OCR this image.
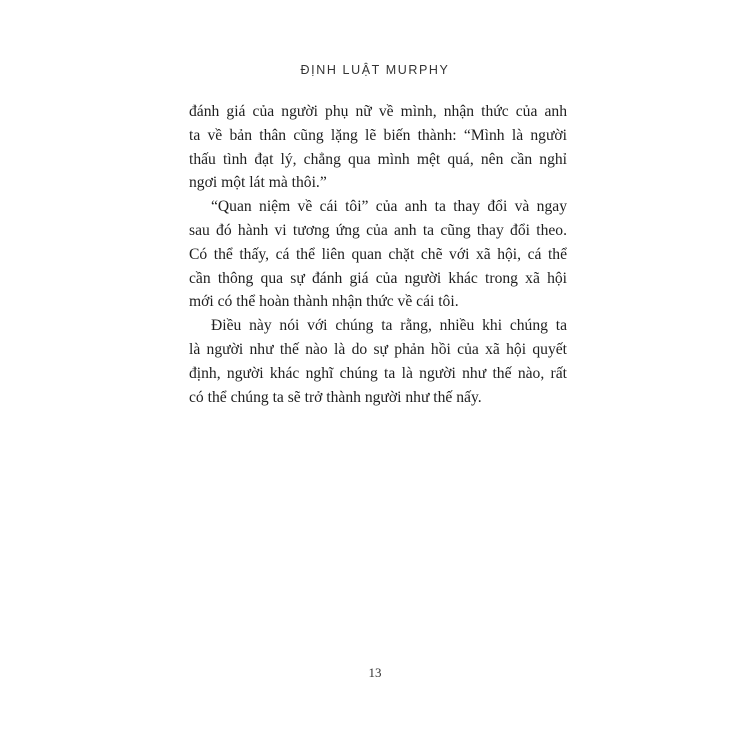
ĐỊNH LUẬT MURPHY
đánh giá của người phụ nữ về mình, nhận thức của anh
ta về bản thân cũng lặng lẽ biến thành: “Mình là người
thấu tình đạt lý, chẳng qua mình mệt quá, nên cần nghỉ
ngơi một lát mà thôi.”
“Quan niệm về cái tôi” của anh ta thay đổi và ngay
sau đó hành vi tương ứng của anh ta cũng thay đổi theo.
Có thể thấy, cá thể liên quan chặt chẽ với xã hội, cá thể
cần thông qua sự đánh giá của người khác trong xã hội
mới có thể hoàn thành nhận thức về cái tôi.
Điều này nói với chúng ta rằng, nhiều khi chúng ta
là người như thế nào là do sự phản hồi của xã hội quyết
định, người khác nghĩ chúng ta là người như thế nào, rất
có thể chúng ta sẽ trở thành người như thế nấy.
13
